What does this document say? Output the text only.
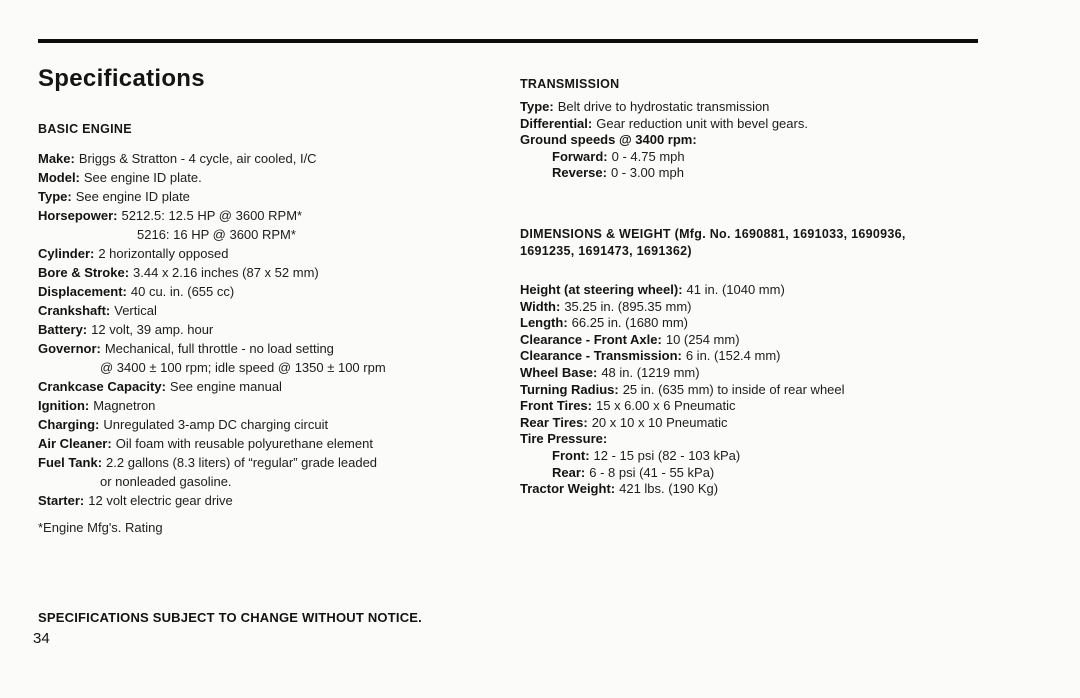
Specifications
BASIC ENGINE
Make: Briggs & Stratton - 4 cycle, air cooled, I/C
Model: See engine ID plate.
Type: See engine ID plate
Horsepower: 5212.5: 12.5 HP @ 3600 RPM*
5216: 16 HP @ 3600 RPM*
Cylinder: 2 horizontally opposed
Bore & Stroke: 3.44 x 2.16 inches (87 x 52 mm)
Displacement: 40 cu. in. (655 cc)
Crankshaft: Vertical
Battery: 12 volt, 39 amp. hour
Governor: Mechanical, full throttle - no load setting
@ 3400 ± 100 rpm; idle speed @ 1350 ± 100 rpm
Crankcase Capacity: See engine manual
Ignition: Magnetron
Charging: Unregulated 3-amp DC charging circuit
Air Cleaner: Oil foam with reusable polyurethane element
Fuel Tank: 2.2 gallons (8.3 liters) of “regular” grade leaded
or nonleaded gasoline.
Starter: 12 volt electric gear drive
*Engine Mfg's. Rating
TRANSMISSION
Type: Belt drive to hydrostatic transmission
Differential: Gear reduction unit with bevel gears.
Ground speeds @ 3400 rpm:
Forward: 0 - 4.75 mph
Reverse: 0 - 3.00 mph
DIMENSIONS & WEIGHT (Mfg. No. 1690881, 1691033, 1690936, 1691235, 1691473, 1691362)
Height (at steering wheel): 41 in. (1040 mm)
Width: 35.25 in. (895.35 mm)
Length: 66.25 in. (1680 mm)
Clearance - Front Axle: 10 (254 mm)
Clearance - Transmission: 6 in. (152.4 mm)
Wheel Base: 48 in. (1219 mm)
Turning Radius: 25 in. (635 mm) to inside of rear wheel
Front Tires: 15 x 6.00 x 6 Pneumatic
Rear Tires: 20 x 10 x 10 Pneumatic
Tire Pressure:
Front: 12 - 15 psi (82 - 103 kPa)
Rear: 6 - 8 psi (41 - 55 kPa)
Tractor Weight: 421 lbs. (190 Kg)
SPECIFICATIONS SUBJECT TO CHANGE WITHOUT NOTICE.
34
